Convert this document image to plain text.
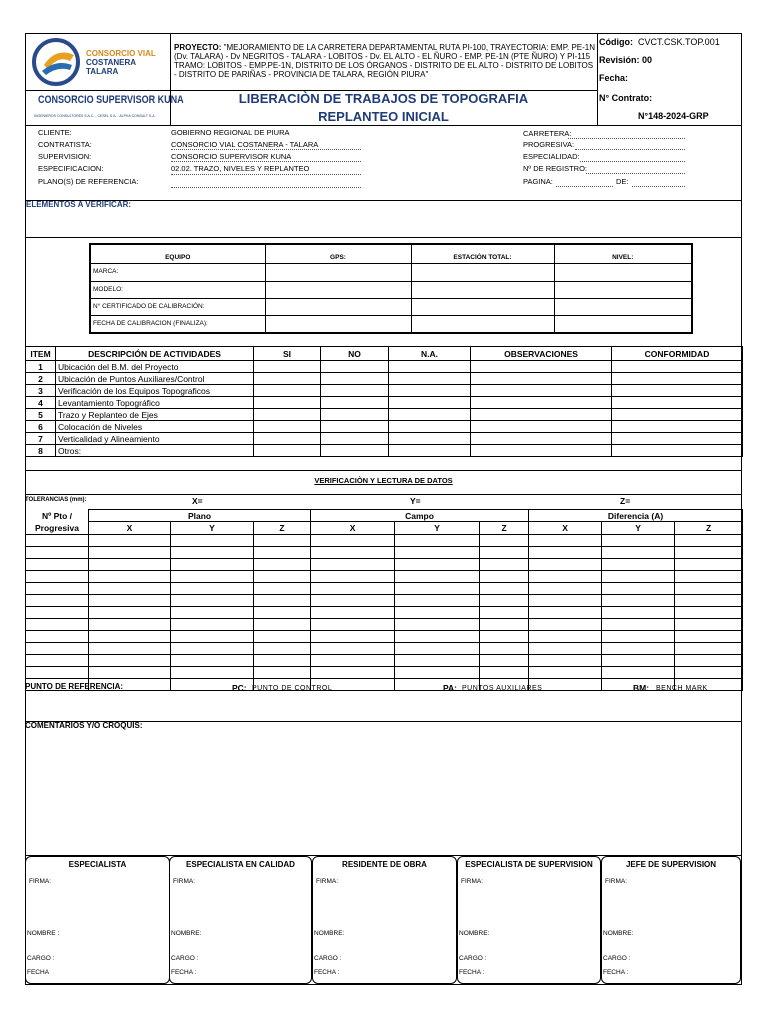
CONSORCIO VIAL
COSTANERA
TALARA
CONSORCIO SUPERVISOR KUNA
INGENIEROS CONSULTORES S.A.C. - CESEL S.A. - ALPHA CONSULT S.A.
PROYECTO: "MEJORAMIENTO DE LA CARRETERA DEPARTAMENTAL RUTA PI-100, TRAYECTORIA: EMP. PE-1N (Dv. TALARA) - Dv NEGRITOS - TALARA - LOBITOS - Dv. EL ALTO - EL ÑURO - EMP. PE-1N (PTE ÑURO) Y PI-115 TRAMO: LOBITOS - EMP.PE-1N, DISTRITO DE LOS ÓRGANOS - DISTRITO DE EL ALTO - DISTRITO DE LOBITOS - DISTRITO DE PARIÑAS - PROVINCIA DE TALARA, REGIÓN PIURA"
LIBERACIÒN DE TRABAJOS DE TOPOGRAFIA
REPLANTEO INICIAL
Código: CVCT.CSK.TOP.001
Revisión: 00
Fecha:
N° Contrato:
N°148-2024-GRP
CLIENTE:	GOBIERNO REGIONAL DE PIURA
CONTRATISTA:	CONSORCIO VIAL COSTANERA - TALARA
SUPERVISION:	CONSORCIO SUPERVISOR KUNA
ESPECIFICACION:	02.02. TRAZO, NIVELES Y REPLANTEO
PLANO(S) DE REFERENCIA:
CARRETERA:
PROGRESIVA:
ESPECIALIDAD:
Nº DE REGISTRO:
PAGINA:	DE:
ELEMENTOS A VERIFICAR:
EQUIPO	GPS:	ESTACIÓN TOTAL:	NIVEL:
MARCA:			
MODELO:			
N° CERTIFICADO DE CALIBRACIÓN:			
FECHA DE CALIBRACION (FINALIZA):			
ITEM	DESCRIPCIÓN DE ACTIVIDADES	SI	NO	N.A.	OBSERVACIONES	CONFORMIDAD
1	Ubicación del B.M. del Proyecto					
2	Ubicación de Puntos Auxiliares/Control					
3	Verificación de los Equipos Topograficos					
4	Levantamiento Topográfico					
5	Trazo y Replanteo de Ejes					
6	Colocación de Niveles					
7	Verticalidad y Alineamiento					
8	Otros:					
VERIFICACIÒN Y LECTURA DE DATOS
TOLERANCIAS (mm):	X=	Y=	Z=
Nº Pto /
Progresiva	Plano			Campo			Diferencia (A)		
	X	Y	Z	X	Y	Z	X	Y	Z

PUNTO DE REFERENCIA:	PC: PUNTO DE CONTROL	PA: PUNTOS AUXILIARES	BM: BENCH MARK
COMENTARIOS Y/O CROQUIS:
ESPECIALISTA
FIRMA:
NOMBRE :
CARGO :
FECHA
ESPECIALISTA EN CALIDAD
FIRMA:
NOMBRE:
CARGO :
FECHA :
RESIDENTE DE OBRA
FIRMA:
NOMBRE:
CARGO :
FECHA :
ESPECIALISTA DE SUPERVISION
FIRMA:
NOMBRE:
CARGO :
FECHA :
JEFE DE SUPERVISION
FIRMA:
NOMBRE:
CARGO :
FECHA :
